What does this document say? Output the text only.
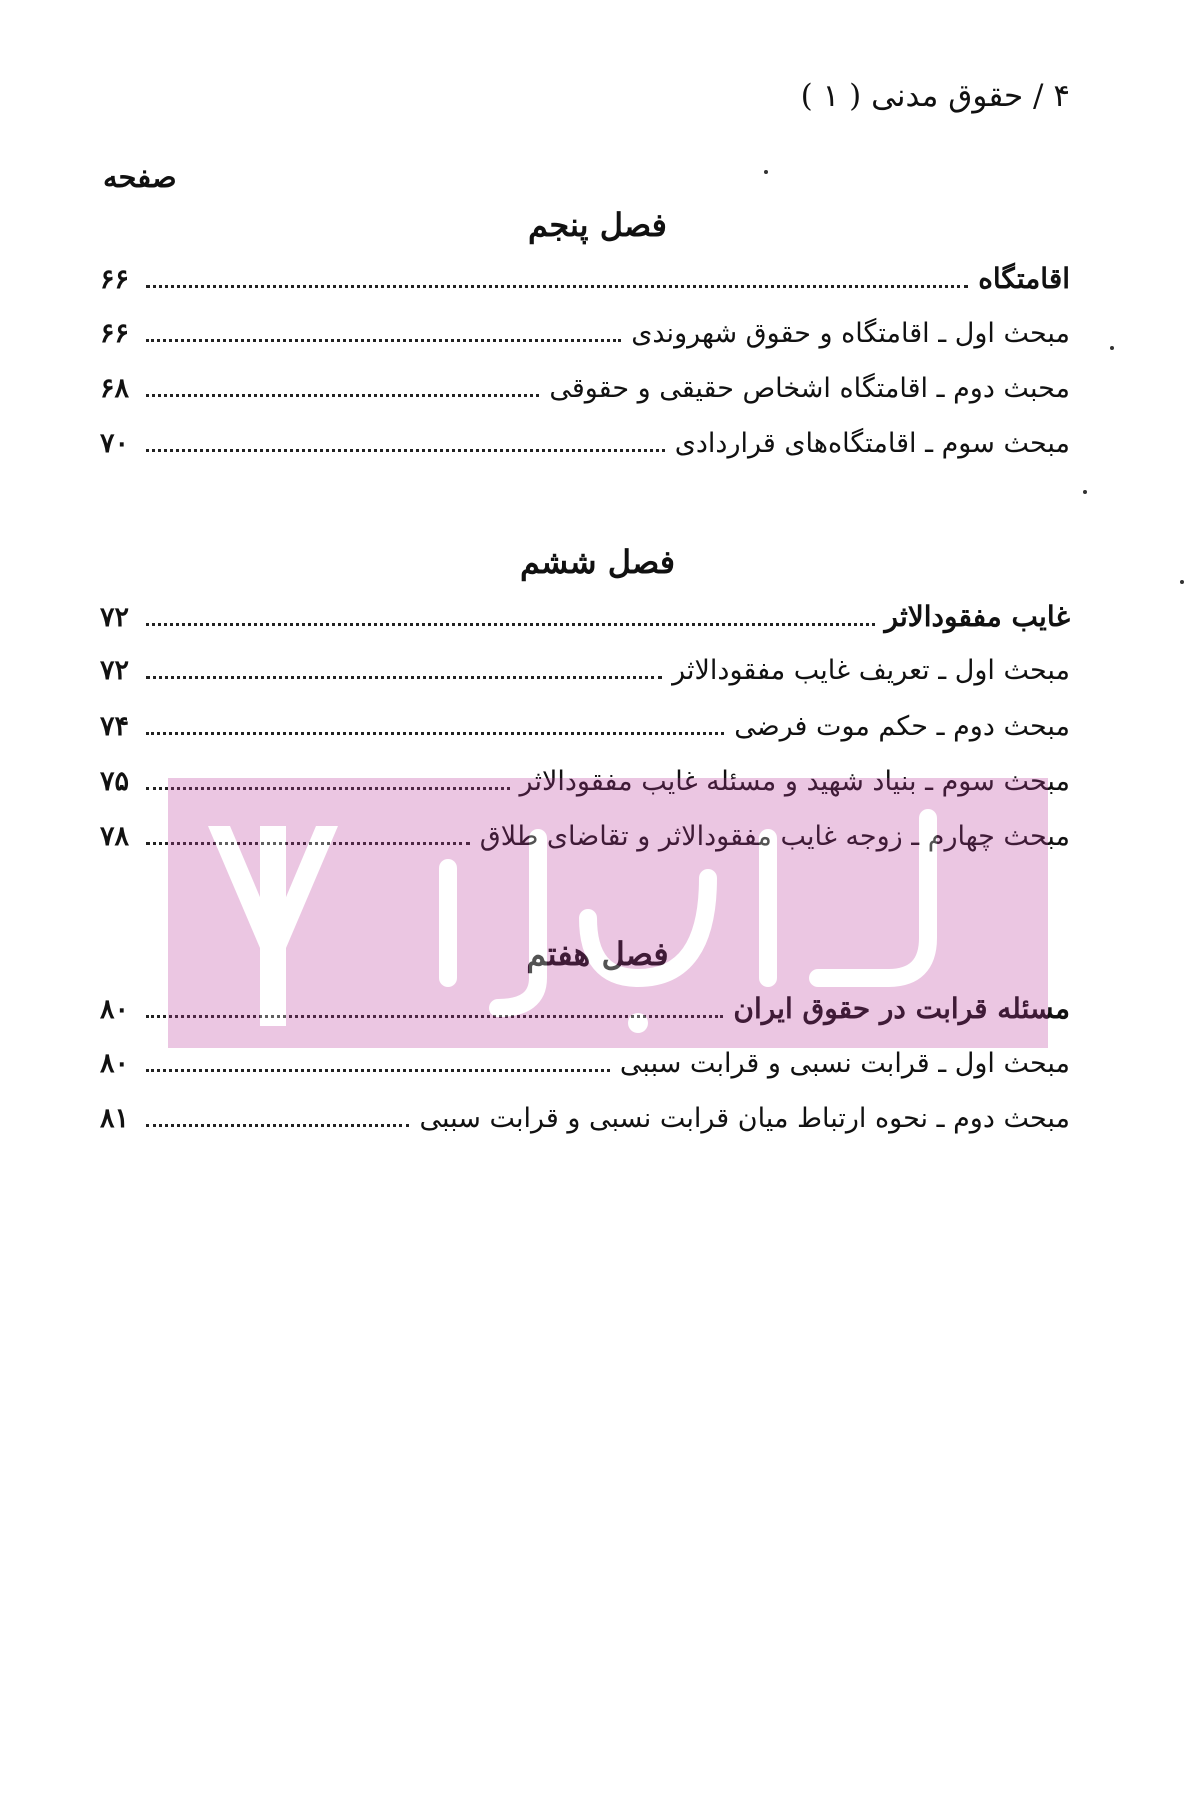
۴ / حقوق مدنی ( ۱ )
صفحه
فصل پنجم
اقامتگاه
۶۶
مبحث اول ـ اقامتگاه و حقوق شهروندی
۶۶
محبث دوم ـ اقامتگاه اشخاص حقیقی و حقوقی
۶۸
مبحث سوم ـ اقامتگاه‌های قراردادی
۷۰
فصل ششم
غایب مفقودالاثر
۷۲
مبحث اول ـ تعریف غایب مفقودالاثر
۷۲
مبحث دوم ـ حکم موت فرضی
۷۴
مبحث سوم ـ بنیاد شهید و مسئله غایب مفقودالاثر
۷۵
مبحث چهارم ـ زوجه غایب مفقودالاثر و تقاضای طلاق
۷۸
فصل هفتم
مسئله قرابت در حقوق ایران
۸۰
مبحث اول ـ قرابت نسبی و قرابت سببی
۸۰
مبحث دوم ـ نحوه ارتباط میان قرابت نسبی و قرابت سببی
۸۱
